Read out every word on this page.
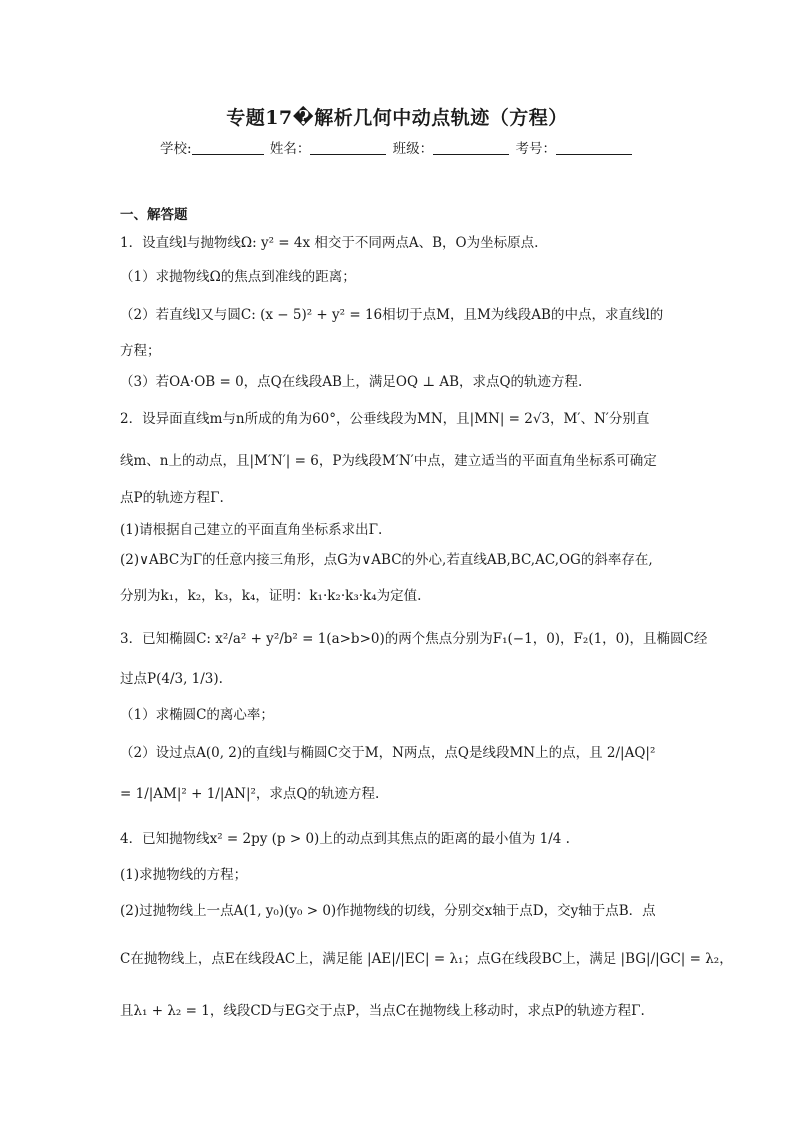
专题17�解析几何中动点轨迹（方程）
学校:	姓名：	班级：	考号：
一、解答题
1．设直线l与抛物线Ω: y² = 4x 相交于不同两点A、B，O为坐标原点.
（1）求抛物线Ω的焦点到准线的距离；
（2）若直线l又与圆C: (x − 5)² + y² = 16相切于点M，且M为线段AB的中点，求直线l的
方程；
（3）若OA·OB = 0，点Q在线段AB上，满足OQ ⊥ AB，求点Q的轨迹方程.
2．设异面直线m与n所成的角为60°，公垂线段为MN，且|MN| = 2√3，M′、N′分别直
线m、n上的动点，且|M′N′| = 6，P为线段M′N′中点，建立适当的平面直角坐标系可确定
点P的轨迹方程Γ.
(1)请根据自己建立的平面直角坐标系求出Γ.
(2)∨ABC为Γ的任意内接三角形，点G为∨ABC的外心,若直线AB,BC,AC,OG的斜率存在,
分别为k₁，k₂，k₃，k₄，证明：k₁·k₂·k₃·k₄为定值.
3．已知椭圆C: x²/a² + y²/b² = 1(a>b>0)的两个焦点分别为F₁(−1，0)，F₂(1，0)，且椭圆C经
过点P(4/3, 1/3).
（1）求椭圆C的离心率；
（2）设过点A(0, 2)的直线l与椭圆C交于M，N两点，点Q是线段MN上的点，且 2/|AQ|²
= 1/|AM|² + 1/|AN|²，求点Q的轨迹方程.
4．已知抛物线x² = 2py (p > 0)上的动点到其焦点的距离的最小值为 1/4 .
(1)求抛物线的方程；
(2)过抛物线上一点A(1, y₀)(y₀ > 0)作抛物线的切线，分别交x轴于点D，交y轴于点B．点
C在抛物线上，点E在线段AC上，满足能 |AE|/|EC| = λ₁；点G在线段BC上，满足 |BG|/|GC| = λ₂，
且λ₁ + λ₂ = 1，线段CD与EG交于点P，当点C在抛物线上移动时，求点P的轨迹方程Γ.
